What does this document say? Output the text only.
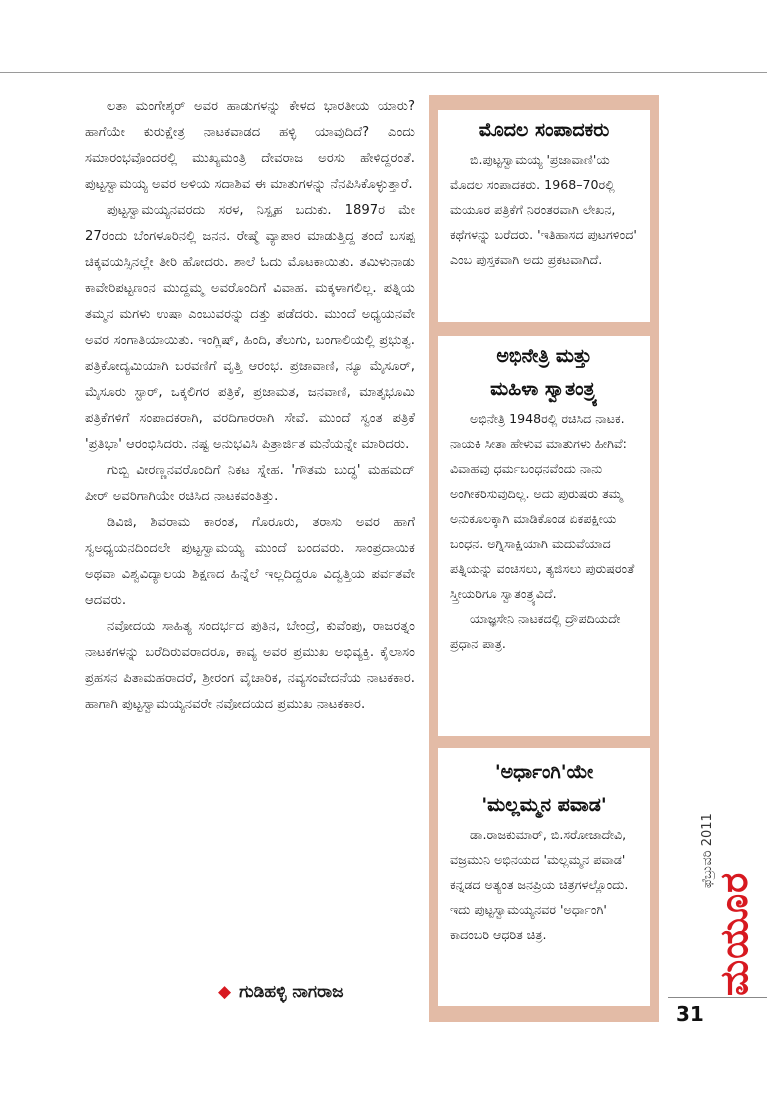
ಲತಾ ಮಂಗೇಶ್ಕರ್ ಅವರ ಹಾಡುಗಳನ್ನು ಕೇಳದ ಭಾರತೀಯ ಯಾರು? ಹಾಗೆಯೇ ಕುರುಕ್ಷೇತ್ರ ನಾಟಕವಾಡದ ಹಳ್ಳಿ ಯಾವುದಿದೆ? ಎಂದು ಸಮಾರಂಭವೊಂದರಲ್ಲಿ ಮುಖ್ಯಮಂತ್ರಿ ದೇವರಾಜ ಅರಸು ಹೇಳಿದ್ದರಂತೆ. ಪುಟ್ಟಸ್ವಾಮಯ್ಯ ಅವರ ಅಳಿಯ ಸದಾಶಿವ ಈ ಮಾತುಗಳನ್ನು ನೆನಪಿಸಿಕೊಳ್ಳುತ್ತಾರೆ.

ಪುಟ್ಟಸ್ವಾಮಯ್ಯನವರದು ಸರಳ, ನಿಸ್ಪೃಹ ಬದುಕು. 1897ರ ಮೇ 27ರಂದು ಬೆಂಗಳೂರಿನಲ್ಲಿ ಜನನ. ರೇಷ್ಮೆ ವ್ಯಾಪಾರ ಮಾಡುತ್ತಿದ್ದ ತಂದೆ ಬಸಪ್ಪ ಚಿಕ್ಕವಯಸ್ಸಿನಲ್ಲೇ ತೀರಿ ಹೋದರು. ಶಾಲೆ ಓದು ಮೊಟಕಾಯಿತು. ತಮಿಳುನಾಡು ಕಾವೇರಿಪಟ್ಟಣಂನ ಮುದ್ದಮ್ಮ ಅವರೊಂದಿಗೆ ವಿವಾಹ. ಮಕ್ಕಳಾಗಲಿಲ್ಲ. ಪತ್ನಿಯ ತಮ್ಮನ ಮಗಳು ಉಷಾ ಎಂಬುವರನ್ನು ದತ್ತು ಪಡೆದರು. ಮುಂದೆ ಅಧ್ಯಯನವೇ ಅವರ ಸಂಗಾತಿಯಾಯಿತು. ಇಂಗ್ಲಿಷ್, ಹಿಂದಿ, ತೆಲುಗು, ಬಂಗಾಲಿಯಲ್ಲಿ ಪ್ರಭುತ್ವ. ಪತ್ರಿಕೋದ್ಯಮಿಯಾಗಿ ಬರವಣಿಗೆ ವೃತ್ತಿ ಆರಂಭ. ಪ್ರಜಾವಾಣಿ, ನ್ಯೂ ಮೈಸೂರ್, ಮೈಸೂರು ಸ್ಟಾರ್, ಒಕ್ಕಲಿಗರ ಪತ್ರಿಕೆ, ಪ್ರಜಾಮತ, ಜನವಾಣಿ, ಮಾತೃಭೂಮಿ ಪತ್ರಿಕೆಗಳಿಗೆ ಸಂಪಾದಕರಾಗಿ, ವರದಿಗಾರರಾಗಿ ಸೇವೆ. ಮುಂದೆ ಸ್ವಂತ ಪತ್ರಿಕೆ 'ಪ್ರತಿಭಾ' ಆರಂಭಿಸಿದರು. ನಷ್ಟ ಅನುಭವಿಸಿ ಪಿತ್ರಾರ್ಜಿತ ಮನೆಯನ್ನೇ ಮಾರಿದರು.

ಗುಬ್ಬಿ ವೀರಣ್ಣನವರೊಂದಿಗೆ ನಿಕಟ ಸ್ನೇಹ. 'ಗೌತಮ ಬುದ್ಧ' ಮಹಮದ್ ಪೀರ್ ಅವರಿಗಾಗಿಯೇ ರಚಿಸಿದ ನಾಟಕವಂತಿತ್ತು.

ಡಿವಿಜಿ, ಶಿವರಾಮ ಕಾರಂತ, ಗೊರೂರು, ತರಾಸು ಅವರ ಹಾಗೆ ಸ್ವಅಧ್ಯಯನದಿಂದಲೇ ಪುಟ್ಟಸ್ವಾಮಯ್ಯ ಮುಂದೆ ಬಂದವರು. ಸಾಂಪ್ರದಾಯಿಕ ಅಥವಾ ವಿಶ್ವವಿದ್ಯಾಲಯ ಶಿಕ್ಷಣದ ಹಿನ್ನೆಲೆ ಇಲ್ಲದಿದ್ದರೂ ವಿದ್ವತ್ತಿಯ ಪರ್ವತವೇ ಆದವರು.

ನವೋದಯ ಸಾಹಿತ್ಯ ಸಂದರ್ಭದ ಪುತಿನ, ಬೇಂದ್ರೆ, ಕುವೆಂಪು, ರಾಜರತ್ನಂ ನಾಟಕಗಳನ್ನು ಬರೆದಿರುವರಾದರೂ, ಕಾವ್ಯ ಅವರ ಪ್ರಮುಖ ಅಭಿವ್ಯಕ್ತಿ. ಕೈಲಾಸಂ ಪ್ರಹಸನ ಪಿತಾಮಹರಾದರೆ, ಶ್ರೀರಂಗ ವೈಚಾರಿಕ, ನವ್ಯಸಂವೇದನೆಯ ನಾಟಕಕಾರ. ಹಾಗಾಗಿ ಪುಟ್ಟಸ್ವಾಮಯ್ಯನವರೇ ನವೋದಯದ ಪ್ರಮುಖ ನಾಟಕಕಾರ.

◆ ಗುಡಿಹಳ್ಳಿ ನಾಗರಾಜ
ಮೊದಲ ಸಂಪಾದಕರು

ಬಿ.ಪುಟ್ಟಸ್ವಾಮಯ್ಯ 'ಪ್ರಜಾವಾಣಿ'ಯ ಮೊದಲ ಸಂಪಾದಕರು. 1968–70ರಲ್ಲಿ ಮಯೂರ ಪತ್ರಿಕೆಗೆ ನಿರಂತರವಾಗಿ ಲೇಖನ, ಕಥೆಗಳನ್ನು ಬರೆದರು. 'ಇತಿಹಾಸದ ಪುಟಗಳಿಂದ' ಎಂಬ ಪುಸ್ತಕವಾಗಿ ಅದು ಪ್ರಕಟವಾಗಿದೆ.

ಅಭಿನೇತ್ರಿ ಮತ್ತು
ಮಹಿಳಾ ಸ್ವಾತಂತ್ರ್ಯ

ಅಭಿನೇತ್ರಿ 1948ರಲ್ಲಿ ರಚಿಸಿದ ನಾಟಕ. ನಾಯಕಿ ಸೀತಾ ಹೇಳುವ ಮಾತುಗಳು ಹೀಗಿವೆ: ವಿವಾಹವು ಧರ್ಮಬಂಧನವೆಂದು ನಾನು ಅಂಗೀಕರಿಸುವುದಿಲ್ಲ. ಅದು ಪುರುಷರು ತಮ್ಮ ಅನುಕೂಲಕ್ಕಾಗಿ ಮಾಡಿಕೊಂಡ ಏಕಪಕ್ಷೀಯ ಬಂಧನ. ಅಗ್ನಿಸಾಕ್ಷಿಯಾಗಿ ಮದುವೆಯಾದ ಪತ್ನಿಯನ್ನು ವಂಚಿಸಲು, ತ್ಯಜಿಸಲು ಪುರುಷರಂತೆ ಸ್ತ್ರೀಯರಿಗೂ ಸ್ವಾತಂತ್ರ್ಯವಿದೆ.

ಯಾಜ್ಞಸೇನಿ ನಾಟಕದಲ್ಲಿ ದ್ರೌಪದಿಯದೇ ಪ್ರಧಾನ ಪಾತ್ರ.

'ಅರ್ಧಾಂಗಿ'ಯೇ
'ಮಲ್ಲಮ್ಮನ ಪವಾಡ'

ಡಾ.ರಾಜಕುಮಾರ್, ಬಿ.ಸರೋಜಾದೇವಿ, ವಜ್ರಮುನಿ ಅಭಿನಯದ 'ಮಲ್ಲಮ್ಮನ ಪವಾಡ' ಕನ್ನಡದ ಅತ್ಯಂತ ಜನಪ್ರಿಯ ಚಿತ್ರಗಳಲ್ಲೊಂದು. ಇದು ಪುಟ್ಟಸ್ವಾಮಯ್ಯನವರ 'ಅರ್ಧಾಂಗಿ' ಕಾದಂಬರಿ ಆಧರಿತ ಚಿತ್ರ.	ಮಯೂರ
ಫೆಬ್ರುವರಿ 2011
31
